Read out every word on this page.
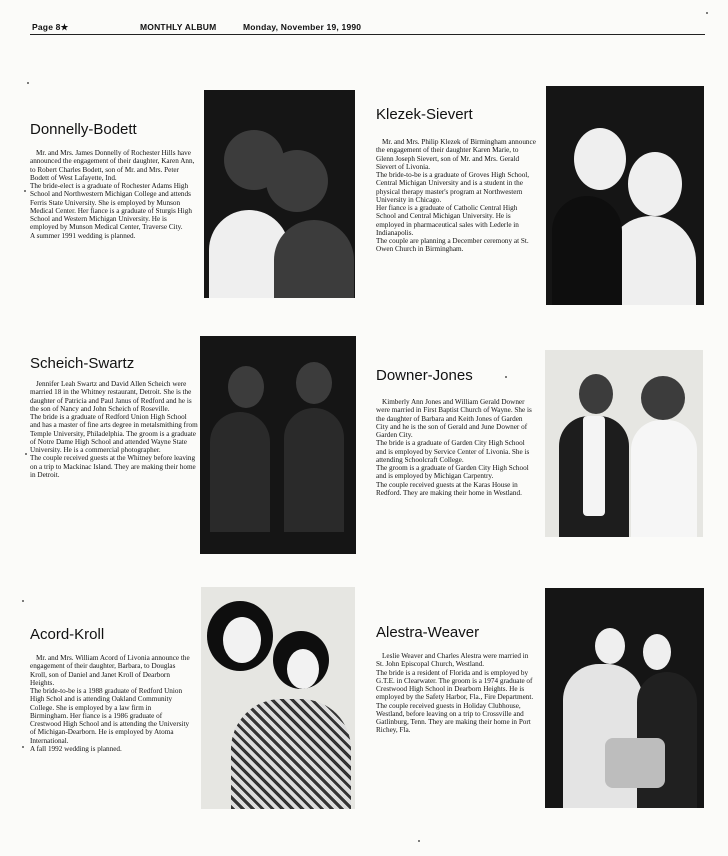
Page 8★	MONTHLY ALBUM	Monday, November 19, 1990
Donnelly-Bodett
Mr. and Mrs. James Donnelly of Rochester Hills have announced the engagement of their daughter, Karen Ann, to Robert Charles Bodett, son of Mr. and Mrs. Peter Bodett of West Lafayette, Ind.
The bride-elect is a graduate of Rochester Adams High School and Northwestern Michigan College and attends Ferris State University. She is employed by Munson Medical Center. Her fiance is a graduate of Sturgis High School and Western Michigan University. He is employed by Munson Medical Center, Traverse City.
A summer 1991 wedding is planned.
Klezek-Sievert
Mr. and Mrs. Philip Klezek of Birmingham announce the engagement of their daughter Karen Marie, to Glenn Joseph Sievert, son of Mr. and Mrs. Gerald Sievert of Livonia.
The bride-to-be is a graduate of Groves High School, Central Michigan University and is a student in the physical therapy master's program at Northwestern University in Chicago.
Her fiance is a graduate of Catholic Central High School and Central Michigan University. He is employed in pharmaceutical sales with Lederle in Indianapolis.
The couple are planning a December ceremony at St. Owen Church in Birmingham.
Scheich-Swartz
Jennifer Leah Swartz and David Allen Scheich were married 18 in the Whitney restaurant, Detroit. She is the daughter of Patricia and Paul Janus of Redford and he is the son of Nancy and John Scheich of Roseville.
The bride is a graduate of Redford Union High School and has a master of fine arts degree in metalsmithing from Temple University, Philadelphia. The groom is a graduate of Notre Dame High School and attended Wayne State University. He is a commercial photographer.
The couple received guests at the Whitney before leaving on a trip to Mackinac Island. They are making their home in Detroit.
Downer-Jones
Kimberly Ann Jones and William Gerald Downer were married in First Baptist Church of Wayne. She is the daughter of Barbara and Keith Jones of Garden City and he is the son of Gerald and June Downer of Garden City.
The bride is a graduate of Garden City High School and is employed by Service Center of Livonia. She is attending Schoolcraft College.
The groom is a graduate of Garden City High School and is employed by Michigan Carpentry.
The couple received guests at the Karas House in Redford. They are making their home in Westland.
Acord-Kroll
Mr. and Mrs. William Acord of Livonia announce the engagement of their daughter, Barbara, to Douglas Kroll, son of Daniel and Janet Kroll of Dearborn Heights.
The bride-to-be is a 1988 graduate of Redford Union High Schol and is attending Oakland Community College. She is employed by a law firm in Birmingham. Her fiance is a 1986 graduate of Crestwood High School and is attending the University of Michigan-Dearborn. He is employed by Atoma International.
A fall 1992 wedding is planned.
Alestra-Weaver
Leslie Weaver and Charles Alestra were married in St. John Episcopal Church, Westland.
The bride is a resident of Florida and is employed by G.T.E. in Clearwater. The groom is a 1974 graduate of Crestwood High School in Dearborn Heights. He is employed by the Safety Harbor, Fla., Fire Department.
The couple received guests in Holiday Clubhouse, Westland, before leaving on a trip to Crossville and Gatlinburg, Tenn. They are making their home in Port Richey, Fla.
